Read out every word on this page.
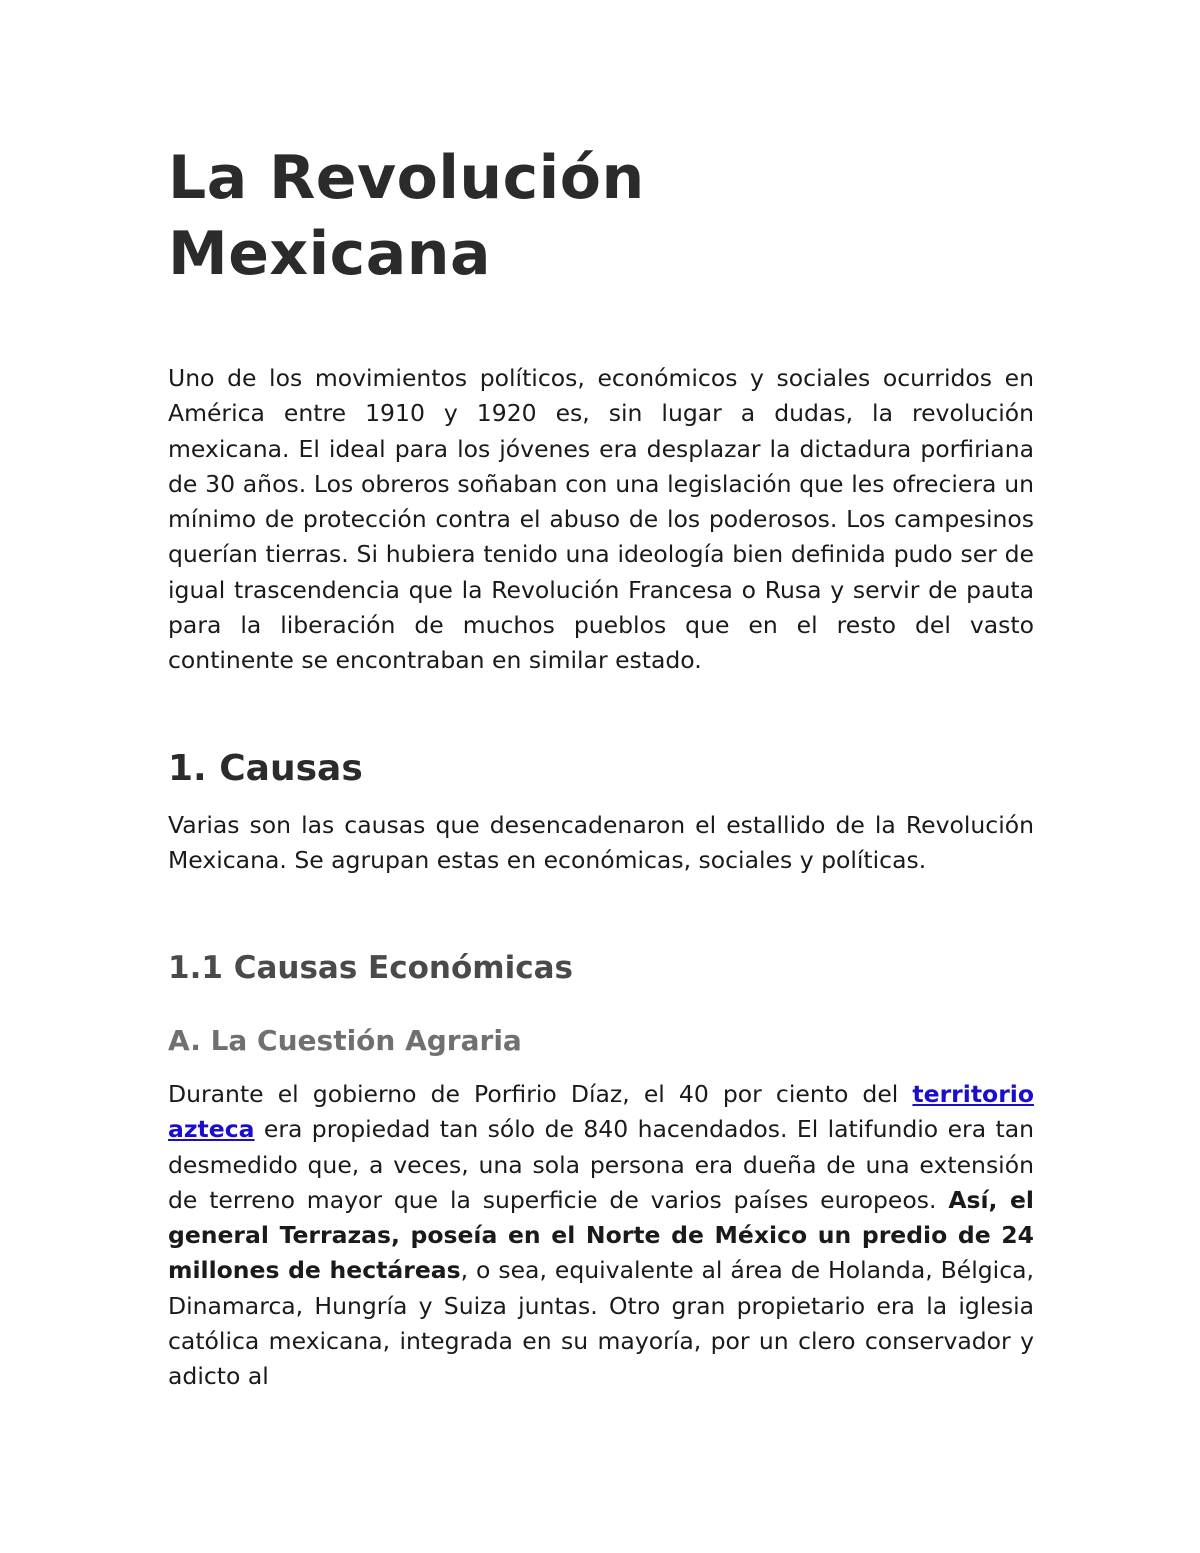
La Revolución
Mexicana

Uno de los movimientos políticos, económicos y sociales ocurridos en América entre 1910 y 1920 es, sin lugar a dudas, la revolución mexicana. El ideal para los jóvenes era desplazar la dictadura porfiriana de 30 años. Los obreros soñaban con una legislación que les ofreciera un mínimo de protección contra el abuso de los poderosos. Los campesinos querían tierras. Si hubiera tenido una ideología bien definida pudo ser de igual trascendencia que la Revolución Francesa o Rusa y servir de pauta para la liberación de muchos pueblos que en el resto del vasto continente se encontraban en similar estado.

1. Causas

Varias son las causas que desencadenaron el estallido de la Revolución Mexicana. Se agrupan estas en económicas, sociales y políticas.

1.1 Causas Económicas
A. La Cuestión Agraria

Durante el gobierno de Porfirio Díaz, el 40 por ciento del territorio azteca era propiedad tan sólo de 840 hacendados. El latifundio era tan desmedido que, a veces, una sola persona era dueña de una extensión de terreno mayor que la superficie de varios países europeos. Así, el general Terrazas, poseía en el Norte de México un predio de 24 millones de hectáreas, o sea, equivalente al área de Holanda, Bélgica, Dinamarca, Hungría y Suiza juntas. Otro gran propietario era la iglesia católica mexicana, integrada en su mayoría, por un clero conservador y adicto al
